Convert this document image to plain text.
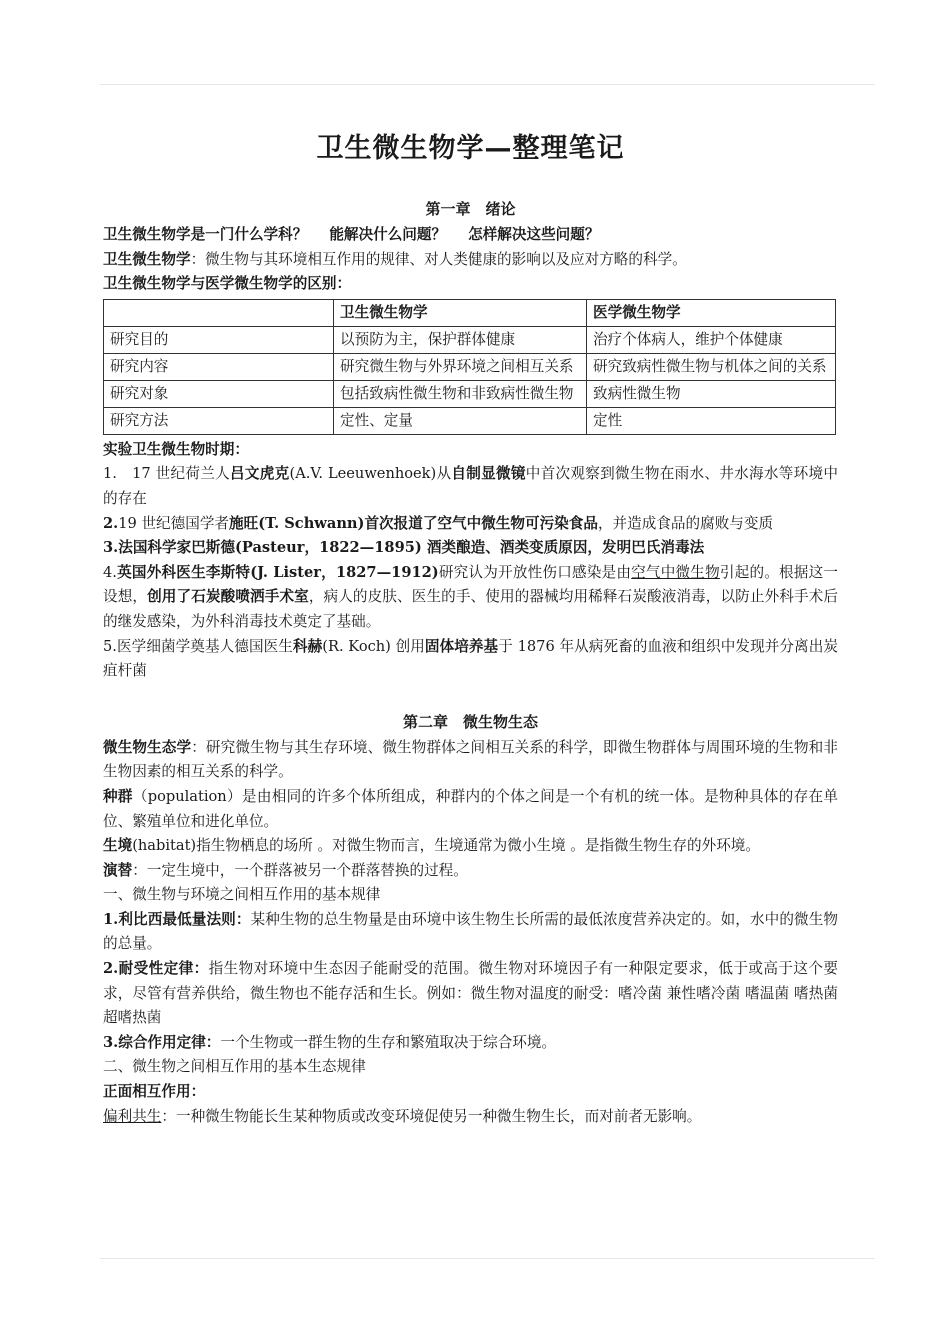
卫生微生物学—整理笔记
第一章　绪论

卫生微生物学是一门什么学科？ 能解决什么问题？ 怎样解决这些问题？

卫生微生物学：微生物与其环境相互作用的规律、对人类健康的影响以及应对方略的科学。

卫生微生物学与医学微生物学的区别：

	卫生微生物学	医学微生物学
研究目的	以预防为主，保护群体健康	治疗个体病人，维护个体健康
研究内容	研究微生物与外界环境之间相互关系	研究致病性微生物与机体之间的关系
研究对象	包括致病性微生物和非致病性微生物	致病性微生物
研究方法	定性、定量	定性

实验卫生微生物时期：

1.　17 世纪荷兰人吕文虎克(A.V. Leeuwenhoek)从自制显微镜中首次观察到微生物在雨水、井水海水等环境中的存在

2.19 世纪德国学者施旺(T. Schwann)首次报道了空气中微生物可污染食品，并造成食品的腐败与变质

3.法国科学家巴斯德(Pasteur，1822—1895) 酒类酿造、酒类变质原因，发明巴氏消毒法

4.英国外科医生李斯特(J. Lister，1827—1912)研究认为开放性伤口感染是由空气中微生物引起的。根据这一设想，创用了石炭酸喷洒手术室，病人的皮肤、医生的手、使用的器械均用稀释石炭酸液消毒，以防止外科手术后的继发感染，为外科消毒技术奠定了基础。

5.医学细菌学奠基人德国医生科赫(R. Koch) 创用固体培养基于 1876 年从病死畜的血液和组织中发现并分离出炭疽杆菌

第二章　微生物生态

微生物生态学：研究微生物与其生存环境、微生物群体之间相互关系的科学，即微生物群体与周围环境的生物和非生物因素的相互关系的科学。

种群（population）是由相同的许多个体所组成，种群内的个体之间是一个有机的统一体。是物种具体的存在单位、繁殖单位和进化单位。

生境(habitat)指生物栖息的场所 。对微生物而言，生境通常为微小生境 。是指微生物生存的外环境。

演替：一定生境中，一个群落被另一个群落替换的过程。

一、微生物与环境之间相互作用的基本规律

1.利比西最低量法则：某种生物的总生物量是由环境中该生物生长所需的最低浓度营养决定的。如，水中的微生物的总量。

2.耐受性定律：指生物对环境中生态因子能耐受的范围。微生物对环境因子有一种限定要求，低于或高于这个要求，尽管有营养供给，微生物也不能存活和生长。例如：微生物对温度的耐受：嗜冷菌 兼性嗜冷菌 嗜温菌 嗜热菌 超嗜热菌

3.综合作用定律：一个生物或一群生物的生存和繁殖取决于综合环境。

二、微生物之间相互作用的基本生态规律

正面相互作用：

偏利共生：一种微生物能长生某种物质或改变环境促使另一种微生物生长，而对前者无影响。
